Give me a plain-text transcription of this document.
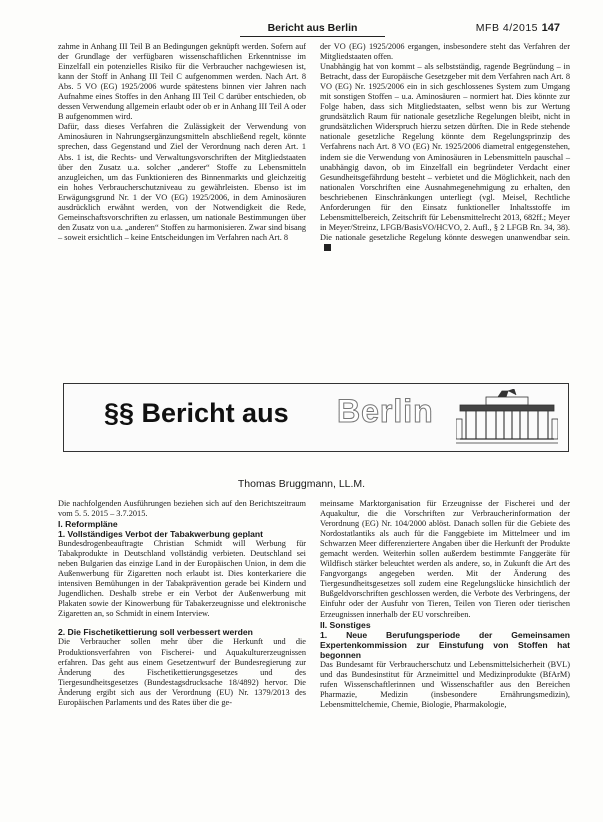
Bericht aus Berlin	MFB 4/2015 147

zahme in Anhang III Teil B an Bedingungen geknüpft werden. Sofern auf der Grundlage der verfügbaren wissenschaftlichen Erkenntnisse im Einzelfall ein potenzielles Risiko für die Verbraucher nachgewiesen ist, kann der Stoff in Anhang III Teil C aufgenommen werden. Nach Art. 8 Abs. 5 VO (EG) 1925/2006 wurde spätestens binnen vier Jahren nach Aufnahme eines Stoffes in den Anhang III Teil C darüber entschieden, ob dessen Verwendung allgemein erlaubt oder ob er in Anhang III Teil A oder B aufgenommen wird.

Dafür, dass dieses Verfahren die Zulässigkeit der Verwendung von Aminosäuren in Nahrungsergänzungsmitteln abschließend regelt, könnte sprechen, dass Gegenstand und Ziel der Verordnung nach deren Art. 1 Abs. 1 ist, die Rechts- und Verwaltungsvorschriften der Mitgliedstaaten über den Zusatz u.a. solcher „anderer“ Stoffe zu Lebensmitteln anzugleichen, um das Funktionieren des Binnenmarkts und gleichzeitig ein hohes Verbraucherschutzniveau zu gewährleisten. Ebenso ist im Erwägungsgrund Nr. 1 der VO (EG) 1925/2006, in dem Aminosäuren ausdrücklich erwähnt werden, von der Notwendigkeit die Rede, Gemeinschaftsvorschriften zu erlassen, um nationale Bestimmungen über den Zusatz von u.a. „anderen“ Stoffen zu harmonisieren. Zwar sind bisang – soweit ersichtlich – keine Entscheidungen im Verfahren nach Art. 8

der VO (EG) 1925/2006 ergangen, insbesondere steht das Verfahren der Mitgliedstaaten offen.

Unabhängig hat von kommt – als selbstständig, ragende Begründung – in Betracht, dass der Europäische Gesetzgeber mit dem Verfahren nach Art. 8 VO (EG) Nr. 1925/2006 ein in sich geschlossenes System zum Umgang mit sonstigen Stoffen – u.a. Aminosäuren – normiert hat. Dies könnte zur Folge haben, dass sich Mitgliedstaaten, selbst wenn bis zur Wertung grundsätzlich Raum für nationale gesetzliche Regelungen bleibt, nicht in grundsätzlichen Widerspruch hierzu setzen dürften. Die in Rede stehende nationale gesetzliche Regelung könnte dem Regelungsprinzip des Verfahrens nach Art. 8 VO (EG) Nr. 1925/2006 diametral entgegenstehen, indem sie die Verwendung von Aminosäuren in Lebensmitteln pauschal – unabhängig davon, ob im Einzelfall ein begründeter Verdacht einer Gesundheitsgefährdung besteht – verbietet und die Möglichkeit, nach den nationalen Vorschriften eine Ausnahmegenehmigung zu erhalten, den beschriebenen Einschränkungen unterliegt (vgl. Meisel, Rechtliche Anforderungen für den Einsatz funktioneller Inhaltsstoffe im Lebensmittelbereich, Zeitschrift für Lebensmittelrecht 2013, 682ff.; Meyer in Meyer/Streinz, LFGB/BasisVO/HCVO, 2. Aufl., § 2 LFGB Rn. 34, 38). Die nationale gesetzliche Regelung könnte deswegen unanwendbar sein.

§§ Bericht aus Berlin
Thomas Bruggmann, LL.M.

Die nachfolgenden Ausführungen beziehen sich auf den Berichtszeitraum vom 5. 5. 2015 – 3.7.2015.

I. Reformpläne

1. Vollständiges Verbot der Tabakwerbung geplant

Bundesdrogenbeauftragte Christian Schmidt will Werbung für Tabakprodukte in Deutschland vollständig verbieten. Deutschland sei neben Bulgarien das einzige Land in der Europäischen Union, in dem die Außenwerbung für Zigaretten noch erlaubt ist. Dies konterkariere die intensiven Bemühungen in der Tabakprävention gerade bei Kindern und Jugendlichen. Deshalb strebe er ein Verbot der Außenwerbung mit Plakaten sowie der Kinowerbung für Tabakerzeugnisse und elektronische Zigaretten an, so Schmidt in einem Interview.

2. Die Fischetikettierung soll verbessert werden

Die Verbraucher sollen mehr über die Herkunft und die Produktionsverfahren von Fischerei- und Aquakulturerzeugnissen erfahren. Das geht aus einem Gesetzentwurf der Bundesregierung zur Änderung des Fischetikettierungsgesetzes und des Tiergesundheitsgesetzes (Bundestagsdrucksache 18/4892) hervor. Die Änderung ergibt sich aus der Verordnung (EU) Nr. 1379/2013 des Europäischen Parlaments und des Rates über die ge-

meinsame Marktorganisation für Erzeugnisse der Fischerei und der Aquakultur, die die Vorschriften zur Verbraucherinformation der Verordnung (EG) Nr. 104/2000 ablöst. Danach sollen für die Gebiete des Nordostatlantiks als auch für die Fanggebiete im Mittelmeer und im Schwarzen Meer differenziertere Angaben über die Herkunft der Produkte gemacht werden. Weiterhin sollen außerdem bestimmte Fanggeräte für Wildfisch stärker beleuchtet werden als andere, so, in Zukunft die Art des Fangvorgangs angegeben werden. Mit der Änderung des Tiergesundheitsgesetzes soll zudem eine Regelungslücke hinsichtlich der Bußgeldvorschriften geschlossen werden, die Verbote des Verbringens, der Einfuhr oder der Ausfuhr von Tieren, Teilen von Tieren oder tierischen Erzeugnissen innerhalb der EU vorschreiben.

II. Sonstiges

1. Neue Berufungsperiode der Gemeinsamen Expertenkommission zur Einstufung von Stoffen hat begonnen

Das Bundesamt für Verbraucherschutz und Lebensmittelsicherheit (BVL) und das Bundesinstitut für Arzneimittel und Medizinprodukte (BfArM) rufen Wissenschaftlerinnen und Wissenschaftler aus den Bereichen Pharmazie, Medizin (insbesondere Ernährungsmedizin), Lebensmittelchemie, Chemie, Biologie, Pharmakologie,
